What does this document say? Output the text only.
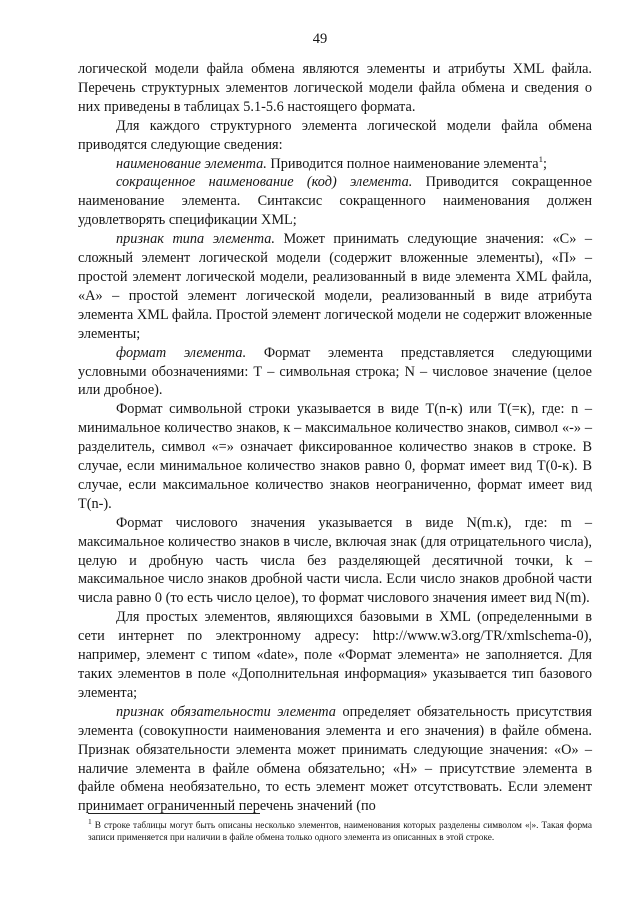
49

логической модели файла обмена являются элементы и атрибуты XML файла. Перечень структурных элементов логической модели файла обмена и сведения о них приведены в таблицах 5.1-5.6 настоящего формата.

Для каждого структурного элемента логической модели файла обмена приводятся следующие сведения:

наименование элемента. Приводится полное наименование элемента$^1$;

сокращенное наименование (код) элемента. Приводится сокращенное наименование элемента. Синтаксис сокращенного наименования должен удовлетворять спецификации XML;

признак типа элемента. Может принимать следующие значения: «С» – сложный элемент логической модели (содержит вложенные элементы), «П» – простой элемент логической модели, реализованный в виде элемента XML файла, «А» – простой элемент логической модели, реализованный в виде атрибута элемента XML файла. Простой элемент логической модели не содержит вложенные элементы;

формат элемента. Формат элемента представляется следующими условными обозначениями: Т – символьная строка; N – числовое значение (целое или дробное).

Формат символьной строки указывается в виде Т(n-к) или Т(=к), где: n – минимальное количество знаков, к – максимальное количество знаков, символ «-» – разделитель, символ «=» означает фиксированное количество знаков в строке. В случае, если минимальное количество знаков равно 0, формат имеет вид Т(0-к). В случае, если максимальное количество знаков неограниченно, формат имеет вид Т(n-).

Формат числового значения указывается в виде N(m.к), где: m – максимальное количество знаков в числе, включая знак (для отрицательного числа), целую и дробную часть числа без разделяющей десятичной точки, k – максимальное число знаков дробной части числа. Если число знаков дробной части числа равно 0 (то есть число целое), то формат числового значения имеет вид N(m).

Для простых элементов, являющихся базовыми в XML (определенными в сети интернет по электронному адресу: http://www.w3.org/TR/xmlschema-0), например, элемент с типом «date», поле «Формат элемента» не заполняется. Для таких элементов в поле «Дополнительная информация» указывается тип базового элемента;

признак обязательности элемента определяет обязательность присутствия элемента (совокупности наименования элемента и его значения) в файле обмена. Признак обязательности элемента может принимать следующие значения: «О» – наличие элемента в файле обмена обязательно; «Н» – присутствие элемента в файле обмена необязательно, то есть элемент может отсутствовать. Если элемент принимает ограниченный перечень значений (по

$^1$ В строке таблицы могут быть описаны несколько элементов, наименования которых разделены символом «|». Такая форма записи применяется при наличии в файле обмена только одного элемента из описанных в этой строке.
